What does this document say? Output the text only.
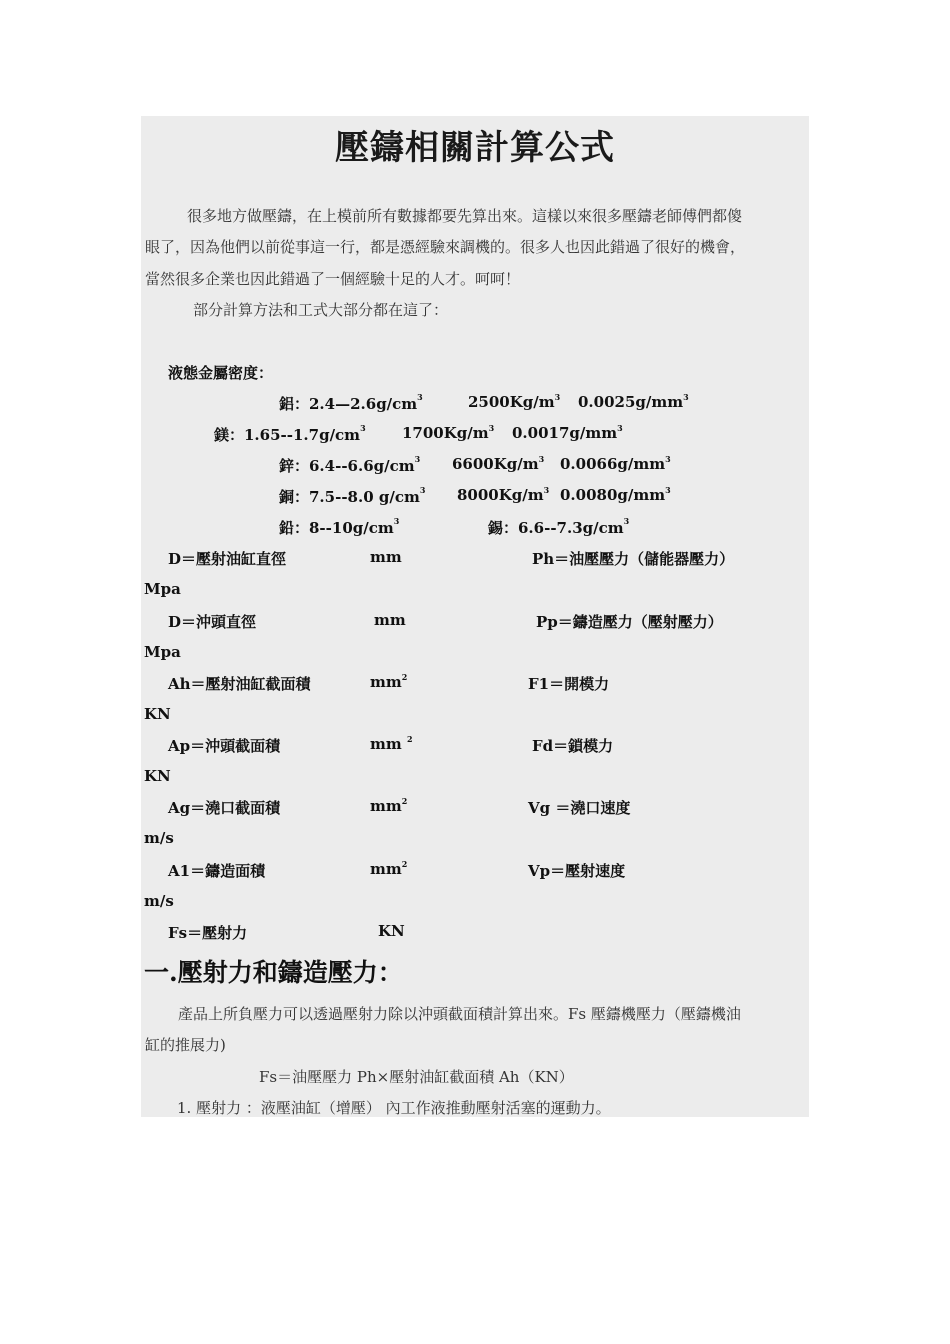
壓鑄相關計算公式
很多地方做壓鑄，在上模前所有數據都要先算出來。這樣以來很多壓鑄老師傅們都傻
眼了，因為他們以前從事這一行，都是憑經驗來調機的。很多人也因此錯過了很好的機會，
當然很多企業也因此錯過了一個經驗十足的人才。呵呵！
部分計算方法和工式大部分都在這了：
液態金屬密度：
鋁：$2.4—2.6g/cm^3$	$2500Kg/m^3$ $0.0025g/mm^3$
鎂：$1.65--1.7g/cm^3$ $1700Kg/m^3$ $0.0017g/mm^3$
鋅：$6.4--6.6g/cm^3$ $6600Kg/m^3$ $0.0066g/mm^3$
銅：7.5--8.0 $g/cm^3$ $8000Kg/m^3$ $0.0080g/mm^3$
鉛：$8--10g/cm^3$	錫：$6.6--7.3g/cm^3$
D＝壓射油缸直徑	mm	Ph＝油壓壓力（儲能器壓力）
Mpa
D＝沖頭直徑	mm	Pp＝鑄造壓力（壓射壓力）
Mpa
Ah＝壓射油缸截面積	$mm^2$	F1＝開模力
KN
Ap＝沖頭截面積	mm $^2$	Fd＝鎖模力
KN
Ag＝澆口截面積	$mm^2$	Vg ＝澆口速度
m/s
A1＝鑄造面積	$mm^2$	Vp＝壓射速度
m/s
Fs＝壓射力	KN
一.壓射力和鑄造壓力：
產品上所負壓力可以透過壓射力除以沖頭截面積計算出來。Fs 壓鑄機壓力（壓鑄機油
缸的推展力)
Fs＝油壓壓力 Ph×壓射油缸截面積 Ah（KN）
1. 壓射力 ：液壓油缸（增壓） 內工作液推動壓射活塞的運動力。
